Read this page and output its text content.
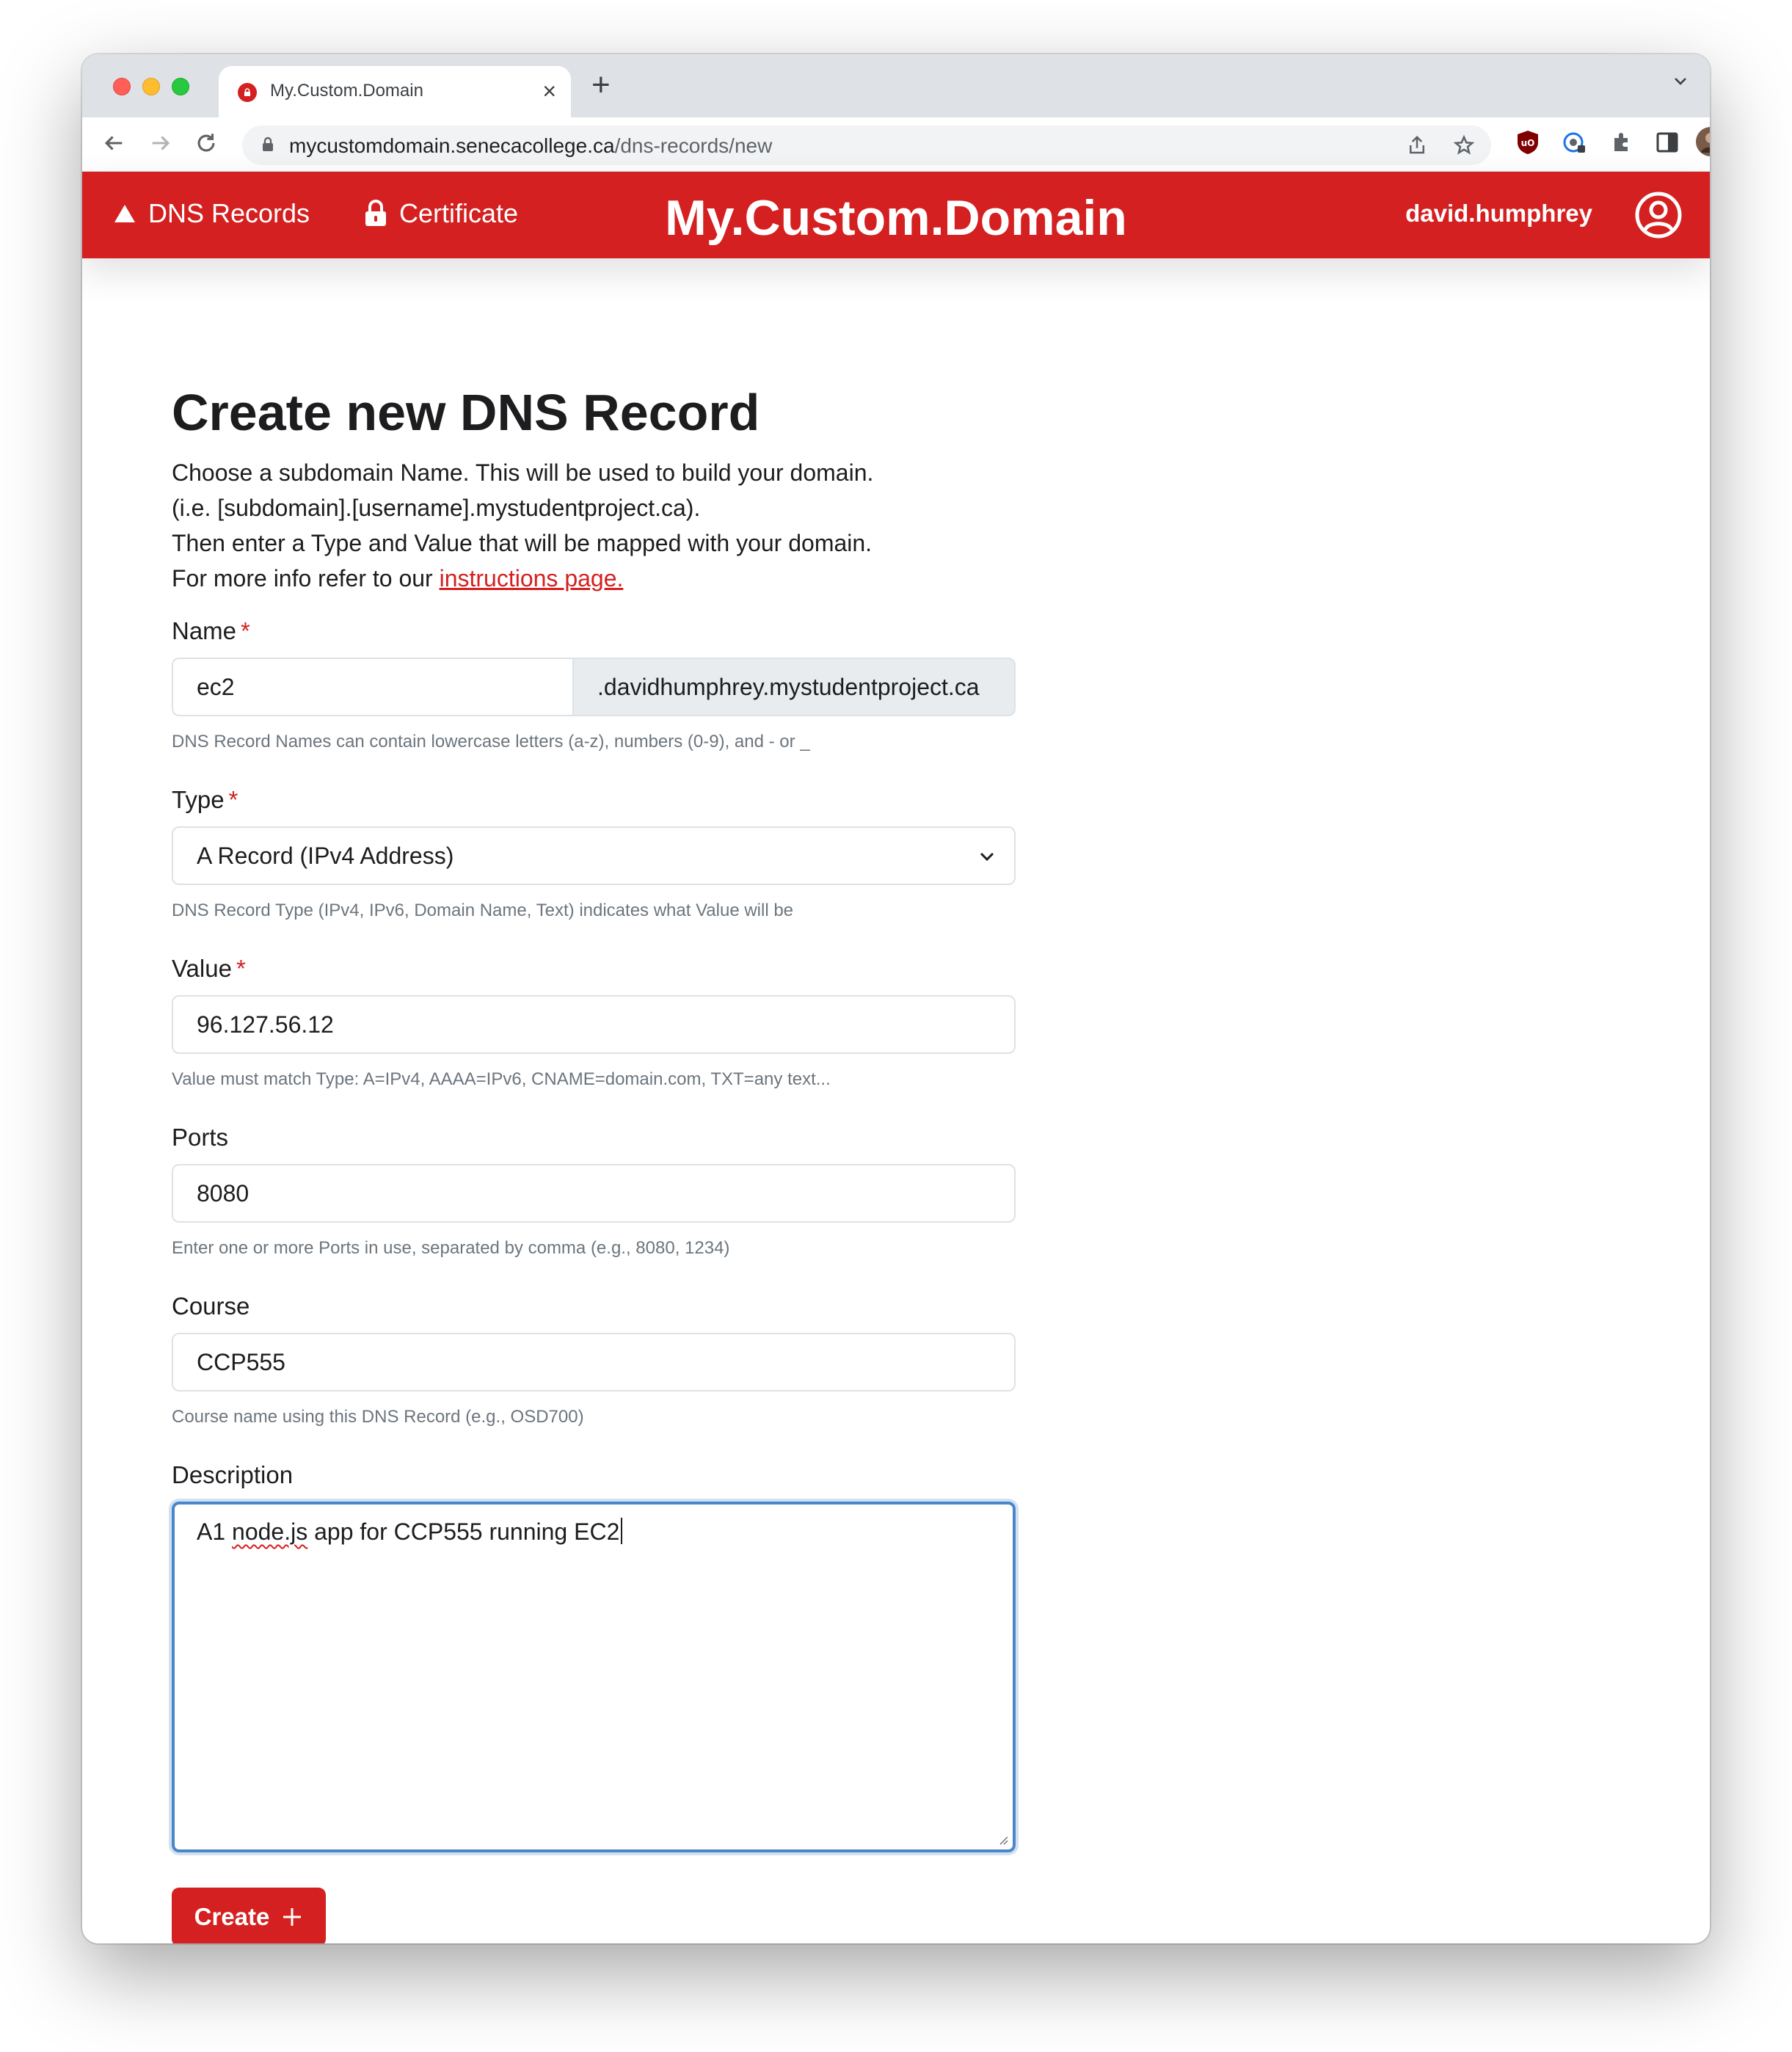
My.Custom.Domain	× +
mycustomdomain.senecacollege.ca/dns-records/new	uO
DNS Records	Certificate	My.Custom.Domain	david.humphrey
Create new DNS Record
Choose a subdomain Name. This will be used to build your domain.
(i.e. [subdomain].[username].mystudentproject.ca).
Then enter a Type and Value that will be mapped with your domain.
For more info refer to our instructions page.
Name *
ec2	.davidhumphrey.mystudentproject.ca
DNS Record Names can contain lowercase letters (a-z), numbers (0-9), and - or _
Type *
A Record (IPv4 Address)
DNS Record Type (IPv4, IPv6, Domain Name, Text) indicates what Value will be
Value *
96.127.56.12
Value must match Type: A=IPv4, AAAA=IPv6, CNAME=domain.com, TXT=any text...
Ports
8080
Enter one or more Ports in use, separated by comma (e.g., 8080, 1234)
Course
CCP555
Course name using this DNS Record (e.g., OSD700)
Description
A1 node.js app for CCP555 running EC2
Create
